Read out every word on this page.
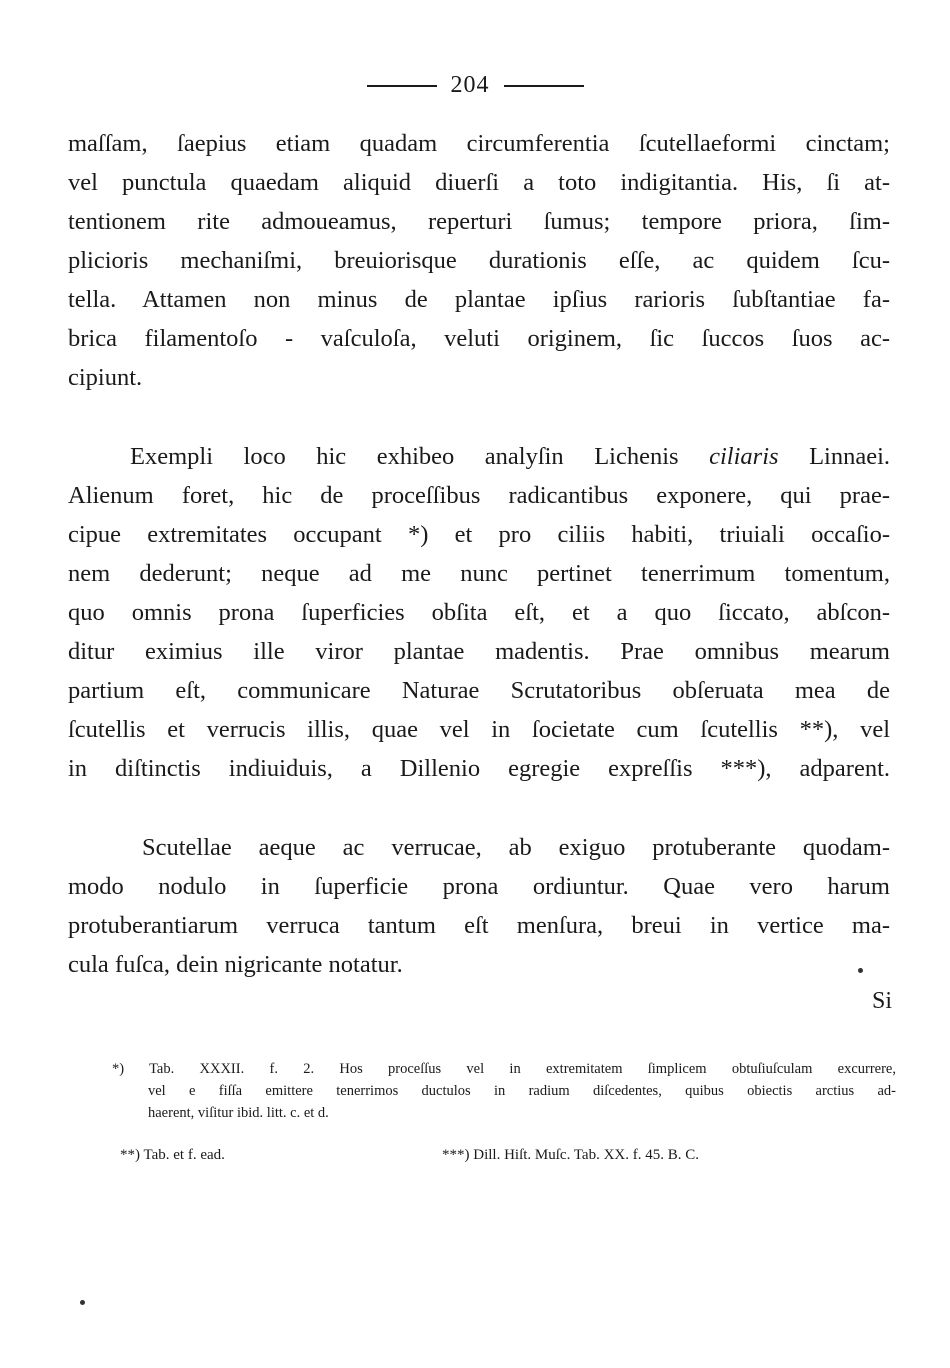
204
maſſam, ſaepius etiam quadam circumferentia ſcutellaeformi cinctam;
vel punctula quaedam aliquid diuerſi a toto indigitantia. His, ſi at-
tentionem rite admoueamus, reperturi ſumus; tempore priora, ſim-
plicioris mechaniſmi, breuiorisque durationis eſſe, ac quidem ſcu-
tella. Attamen non minus de plantae ipſius rarioris ſubſtantiae fa-
brica filamentoſo - vaſculoſa, veluti originem, ſic ſuccos ſuos ac-
cipiunt.
Exempli loco hic exhibeo analyſin Lichenis ciliaris Linnaei.
Alienum foret, hic de proceſſibus radicantibus exponere, qui prae-
cipue extremitates occupant *) et pro ciliis habiti, triuiali occaſio-
nem dederunt; neque ad me nunc pertinet tenerrimum tomentum,
quo omnis prona ſuperficies obſita eſt, et a quo ſiccato, abſcon-
ditur eximius ille viror plantae madentis. Prae omnibus mearum
partium eſt, communicare Naturae Scrutatoribus obſeruata mea de
ſcutellis et verrucis illis, quae vel in ſocietate cum ſcutellis **), vel
in diſtinctis indiuiduis, a Dillenio egregie expreſſis ***), adparent.
Scutellae aeque ac verrucae, ab exiguo protuberante quodam-
modo nodulo in ſuperficie prona ordiuntur. Quae vero harum
protuberantiarum verruca tantum eſt menſura, breui in vertice ma-
cula fuſca, dein nigricante notatur.
Si
*) Tab. XXXII. f. 2. Hos proceſſus vel in extremitatem ſimplicem obtuſiuſculam excurrere,
vel e fiſſa emittere tenerrimos ductulos in radium diſcedentes, quibus obiectis arctius ad-
haerent, viſitur ibid. litt. c. et d.
**) Tab. et f. ead.	***) Dill. Hiſt. Muſc. Tab. XX. f. 45. B. C.
